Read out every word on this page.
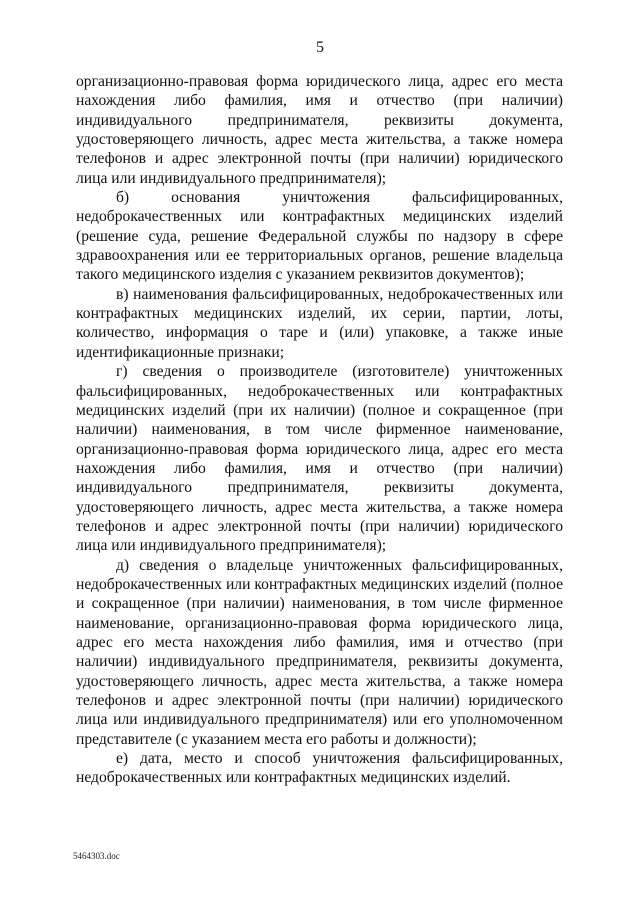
5

организационно-правовая форма юридического лица, адрес его места нахождения либо фамилия, имя и отчество (при наличии) индивидуального предпринимателя, реквизиты документа, удостоверяющего личность, адрес места жительства, а также номера телефонов и адрес электронной почты (при наличии) юридического лица или индивидуального предпринимателя);

б) основания уничтожения фальсифицированных, недоброкачественных или контрафактных медицинских изделий (решение суда, решение Федеральной службы по надзору в сфере здравоохранения или ее территориальных органов, решение владельца такого медицинского изделия с указанием реквизитов документов);

в) наименования фальсифицированных, недоброкачественных или контрафактных медицинских изделий, их серии, партии, лоты, количество, информация о таре и (или) упаковке, а также иные идентификационные признаки;

г) сведения о производителе (изготовителе) уничтоженных фальсифицированных, недоброкачественных или контрафактных медицинских изделий (при их наличии) (полное и сокращенное (при наличии) наименования, в том числе фирменное наименование, организационно-правовая форма юридического лица, адрес его места нахождения либо фамилия, имя и отчество (при наличии) индивидуального предпринимателя, реквизиты документа, удостоверяющего личность, адрес места жительства, а также номера телефонов и адрес электронной почты (при наличии) юридического лица или индивидуального предпринимателя);

д) сведения о владельце уничтоженных фальсифицированных, недоброкачественных или контрафактных медицинских изделий (полное и сокращенное (при наличии) наименования, в том числе фирменное наименование, организационно-правовая форма юридического лица, адрес его места нахождения либо фамилия, имя и отчество (при наличии) индивидуального предпринимателя, реквизиты документа, удостоверяющего личность, адрес места жительства, а также номера телефонов и адрес электронной почты (при наличии) юридического лица или индивидуального предпринимателя) или его уполномоченном представителе (с указанием места его работы и должности);

е) дата, место и способ уничтожения фальсифицированных, недоброкачественных или контрафактных медицинских изделий.

5464303.doc
